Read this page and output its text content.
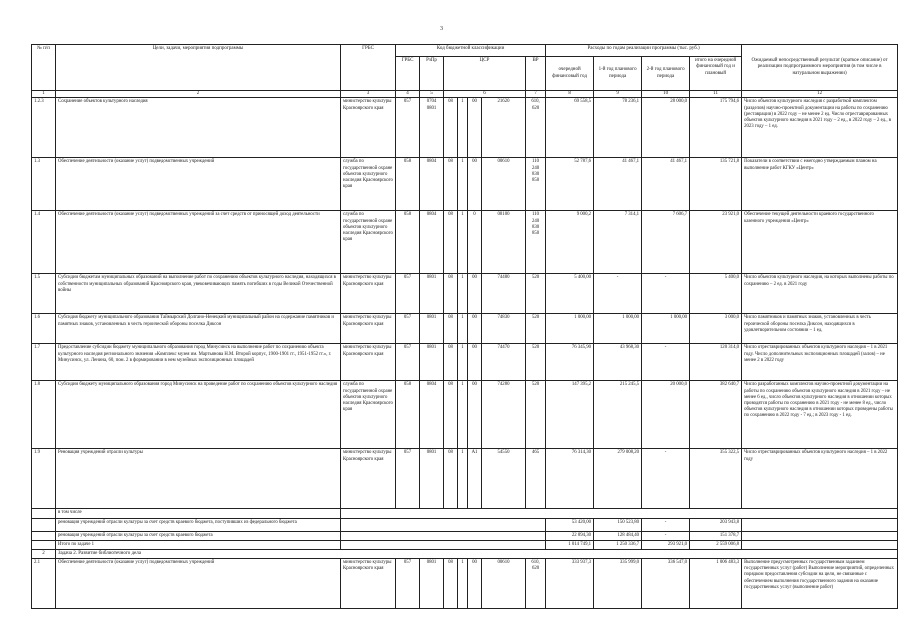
3
№ п/п	Цели, задачи, мероприятия подпрограммы	ГРБС	Код бюджетной классификации							Расходы по годам реализации программы (тыс. руб.)				Ожидаемый непосредственный результат (краткое описание) от реализации подпрограммного мероприятия (в том числе в натуральном выражении)
			ГРБС	РзПр	ЦСР				ВР	очередной финансовый год	1-й год планового периода	2-й год планового периода	итого на очередной финансовый год и плановый	
1	2	3	4	5	6				7	8	9	10	11	12
1.2.3	Сохранение объектов культурного наследия	министерство культуры Красноярского края	057	0704 0801	08	1	00	21620	610, 620	69 558,5	78 236,1	28 000,0	175 794,6	Число объектов культурного наследия с разработкой комплектом (разделов) научно-проектной документации на работы по сохранению (реставрации) в 2022 году – не менее 2 ед. Число отреставрированных объектов культурного наследия в 2021 году – 2 ед., в 2022 году – 2 ед., в 2023 году – 1 ед.
1.3	Обеспечение деятельности (оказание услуг) подведомственных учреждений	служба по государственной охране объектов культурного наследия Красноярского края	058	0804	08	1	00	00610	110 240 830 850	52 787,6	41 467,1	41 467,1	135 721,8	Показатели в соответствии с ежегодно утверждаемым планом на выполнение работ КГКУ «Центр»
1.4	Обеспечение деятельности (оказание услуг) подведомственных учреждений за счет средств от приносящей доход деятельности	служба по государственной охране объектов культурного наследия Красноярского края	058	0804	08	1	0	08100	110 240 830 850	9 000,2	7 314,1	7 606,7	23 921,0	Обеспечение текущей деятельности краевого государственного казенного учреждения «Центр»
1.5	Субсидии бюджетам муниципальных образований на выполнение работ по сохранению объектов культурного наследия, находящихся в собственности муниципальных образований Красноярского края, увековечивающих память погибших в годы Великой Отечественной войны	министерство культуры Красноярского края	057	0801	08	1	00	74480	520	5 400,00	-	-	5 400,0	Число объектов культурного наследия, на которых выполнены работы по сохранению – 2 ед. в 2021 году
1.6	Субсидия бюджету муниципального образования Таймырский Долгано-Ненецкий муниципальный район на содержание памятников и памятных знаков, установленных в честь героической обороны поселка Диксон	министерство культуры Красноярского края	057	0801	08	1	00	74830	520	1 000,00	1 000,00	1 000,00	3 000,0	Число памятников и памятных знаков, установленных в честь героической обороны поселка Диксон, находящихся в удовлетворительном состоянии – 1 ед.
1.7	Предоставление субсидии бюджету муниципального образования город Минусинск на выполнение работ по сохранению объекта культурного наследия регионального значения «Комплекс музея им. Мартьянова Н.М. Второй корпус, 1900-1901 гг., 1951-1952 гг.», г. Минусинск, ул. Ленина, 60, пом. 2 в формировании в нем музейных экспозиционных площадей	министерство культуры Красноярского края	057	0801	08	1	00	74470	520	76 345,90	43 968,30	-	120 314,0	Число отреставрированных объектов культурного наследия – 1 в 2021 году. Число дополнительных экспозиционных площадей (залов) – не менее 2 в 2022 году
1.8	Субсидии бюджету муниципального образования город Минусинск на проведение работ по сохранению объектов культурного наследия	служба по государственной охране объектов культурного наследия Красноярского края	058	0804	08	1	00	74280	520	147 395,2	215 245,5	20 000,0	382 640,7	Число разработанных комплектов научно-проектной документации на работы по сохранению объектов культурного наследия в 2021 году – не менее 6 ед., число объектов культурного наследия в отношении которых проводятся работы по сохранению в 2021 году - не менее 8 ед., число объектов культурного наследия в отношении которых проведены работы по сохранению в 2022 году - 7 ед.; в 2023 году - 1 ед.
1.9	Реновация учреждений отрасли культуры	министерство культуры Красноярского края	057	0801	08	1	A1	54550	465	76 314,30	279 008,20	-	355 322,5	Число отреставрированных объектов культурного наследия – 1 в 2022 году
	в том числе													
	реновация учреждений отрасли культуры за счет средств краевого бюджета, поступивших из федерального бюджета									53 420,00	150 523,80	-	203 943,8	
	реновация учреждений отрасли культуры за счет средств краевого бюджета									22 894,30	128 484,40	-	151 378,7	
	Итого по задаче 1									1 014 749,1	1 250 336,7	293 921,0	2 559 006,8	
2	Задача 2. Развитие библиотечного дела													
2.1	Обеспечение деятельности (оказание услуг) подведомственных учреждений	министерство культуры Красноярского края	057	0801	08	1	00	00610	610, 620	333 937,3	335 999,0	336 547,0	1 006 483,3	Выполнение предусмотренных государственным заданием государственных услуг (работ) Выполнение мероприятий, определенных порядком предоставления субсидии на цели, не связанные с обеспечением выполнения государственного задания на оказание государственных услуг (выполнение работ)
